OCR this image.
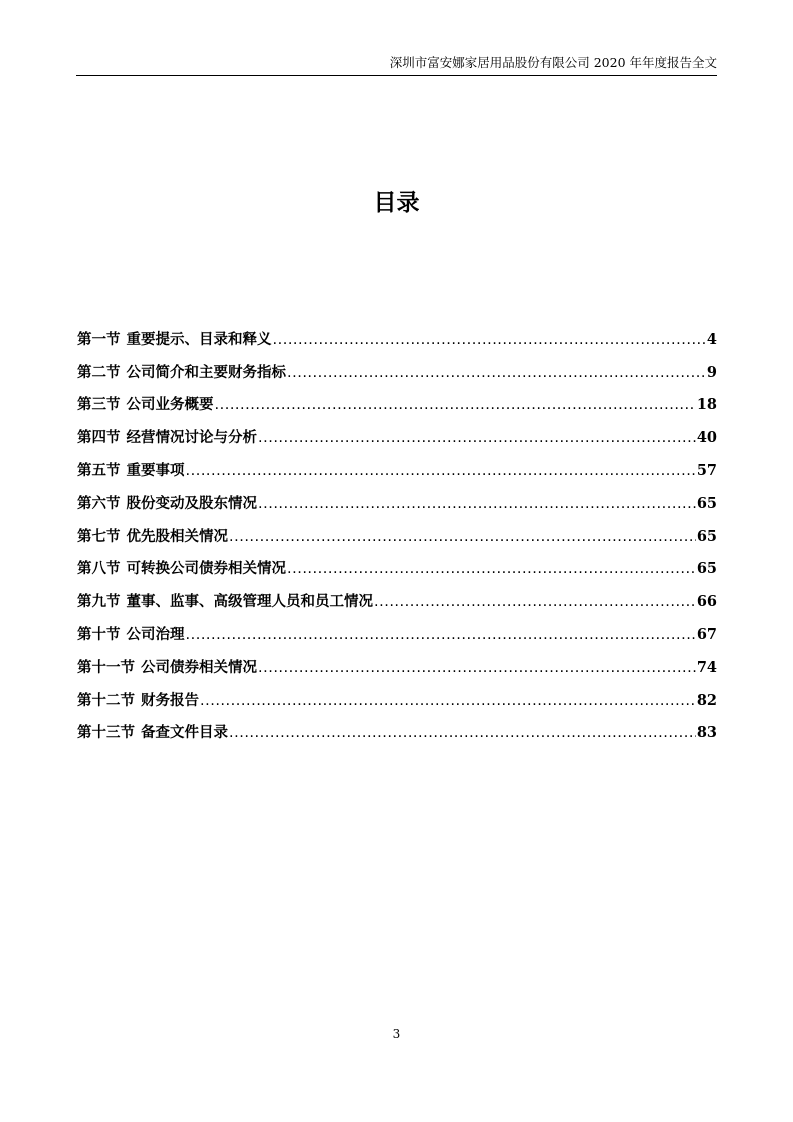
深圳市富安娜家居用品股份有限公司 2020 年年度报告全文
目录
第一节 重要提示、目录和释义 .....	4
第二节 公司简介和主要财务指标 .....	9
第三节 公司业务概要 .....	18
第四节 经营情况讨论与分析 .....	40
第五节 重要事项 .....	57
第六节 股份变动及股东情况 .....	65
第七节 优先股相关情况 .....	65
第八节 可转换公司债券相关情况 .....	65
第九节 董事、监事、高级管理人员和员工情况 .....	66
第十节 公司治理 .....	67
第十一节 公司债券相关情况 .....	74
第十二节 财务报告 .....	82
第十三节 备查文件目录 .....	83
3
